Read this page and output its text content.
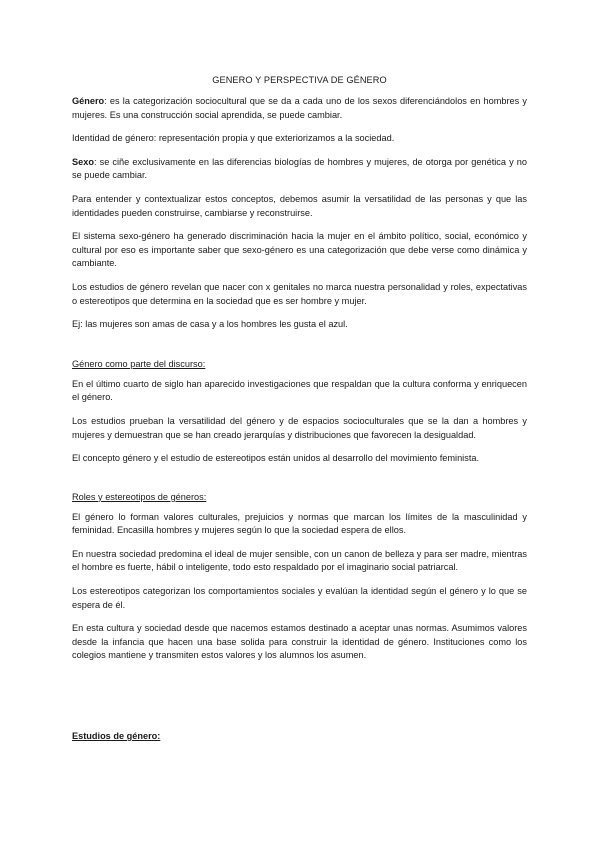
GENERO Y PERSPECTIVA DE GÉNERO

Género: es la categorización sociocultural que se da a cada uno de los sexos diferenciándolos en hombres y mujeres. Es una construcción social aprendida, se puede cambiar.

Identidad de género: representación propia y que exteriorizamos a la sociedad.

Sexo: se ciñe exclusivamente en las diferencias biologías de hombres y mujeres, de otorga por genética y no se puede cambiar.

Para entender y contextualizar estos conceptos, debemos asumir la versatilidad de las personas y que las identidades pueden construirse, cambiarse y reconstruirse.

El sistema sexo-género ha generado discriminación hacia la mujer en el ámbito político, social, económico y cultural por eso es importante saber que sexo-género es una categorización que debe verse como dinámica y cambiante.

Los estudios de género revelan que nacer con x genitales no marca nuestra personalidad y roles, expectativas o estereotipos que determina en la sociedad que es ser hombre y mujer.

Ej: las mujeres son amas de casa y a los hombres les gusta el azul.

Género como parte del discurso:

En el último cuarto de siglo han aparecido investigaciones que respaldan que la cultura conforma y enriquecen el género.

Los estudios prueban la versatilidad del género y de espacios socioculturales que se la dan a hombres y mujeres y demuestran que se han creado jerarquías y distribuciones que favorecen la desigualdad.

El concepto género y el estudio de estereotipos están unidos al desarrollo del movimiento feminista.

Roles y estereotipos de géneros:

El género lo forman valores culturales, prejuicios y normas que marcan los límites de la masculinidad y feminidad. Encasilla hombres y mujeres según lo que la sociedad espera de ellos.

En nuestra sociedad predomina el ideal de mujer sensible, con un canon de belleza y para ser madre, mientras el hombre es fuerte, hábil o inteligente, todo esto respaldado por el imaginario social patriarcal.

Los estereotipos categorizan los comportamientos sociales y evalúan la identidad según el género y lo que se espera de él.

En esta cultura y sociedad desde que nacemos estamos destinado a aceptar unas normas. Asumimos valores desde la infancia que hacen una base solida para construir la identidad de género. Instituciones como los colegios mantiene y transmiten estos valores y los alumnos los asumen.

Estudios de género:
